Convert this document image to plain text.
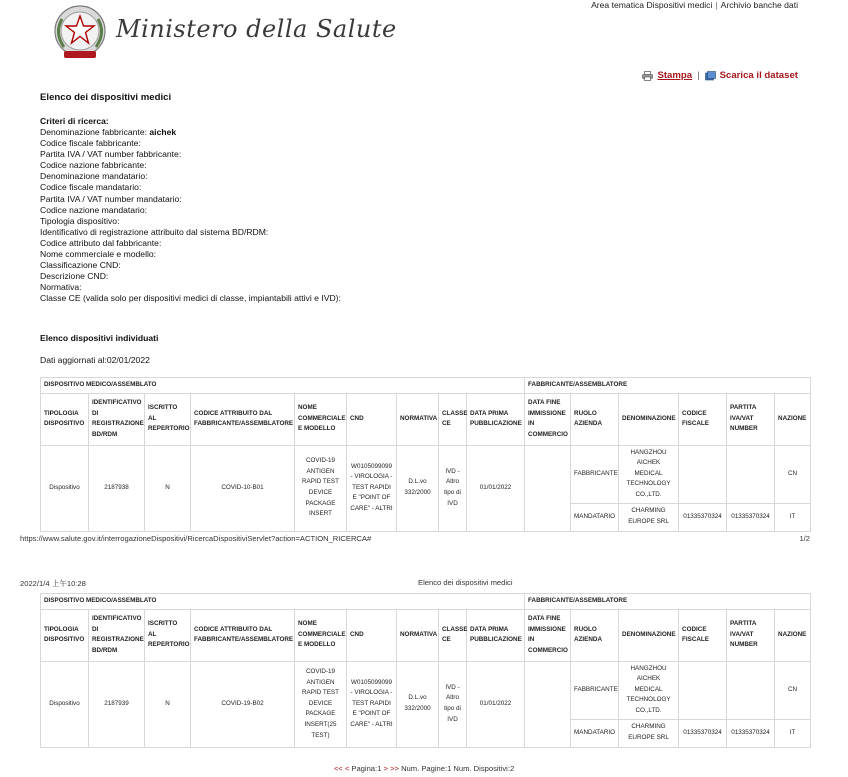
Ministero della Salute
Area tematica Dispositivi medici | Archivio banche dati
Stampa |	Scarica il dataset
Elenco dei dispositivi medici
Criteri di ricerca:
Denominazione fabbricante: aichek
Codice fiscale fabbricante:
Partita IVA / VAT number fabbricante:
Codice nazione fabbricante:
Denominazione mandatario:
Codice fiscale mandatario:
Partita IVA / VAT number mandatario:
Codice nazione mandatario:
Tipologia dispositivo:
Identificativo di registrazione attribuito dal sistema BD/RDM:
Codice attributo dal fabbricante:
Nome commerciale e modello:
Classificazione CND:
Descrizione CND:
Normativa:
Classe CE (valida solo per dispositivi medici di classe, impiantabili attivi e IVD):
Elenco dispositivi individuati
Dati aggiornati al:02/01/2022
DISPOSITIVO MEDICO/ASSEMBLATO									FABBRICANTE/ASSEMBLATORE					
TIPOLOGIA DISPOSITIVO	IDENTIFICATIVO DI REGISTRAZIONE BD/RDM	ISCRITTO AL REPERTORIO	CODICE ATTRIBUITO DAL FABBRICANTE/ASSEMBLATORE	NOME COMMERCIALE E MODELLO	CND	NORMATIVA	CLASSE CE	DATA PRIMA PUBBLICAZIONE	DATA FINE IMMISSIONE IN COMMERCIO	RUOLO AZIENDA	DENOMINAZIONE	CODICE FISCALE	PARTITA IVA/VAT NUMBER	NAZIONE
Dispositivo	2187938	N	COVID-10-B01	COVID-19 ANTIGEN RAPID TEST DEVICE PACKAGE INSERT	W0105099099 - VIROLOGIA - TEST RAPIDI E "POINT OF CARE" - ALTRI	D.L.vo 332/2000	IVD - Altro tipo di IVD	01/01/2022		FABBRICANTE	HANGZHOU AICHEK MEDICAL TECHNOLOGY CO.,LTD.			CN
										MANDATARIO	CHARMING EUROPE SRL	01335370324	01335370324	IT
https://www.salute.gov.it/interrogazioneDispositivi/RicercaDispositiviServlet?action=ACTION_RICERCA#	1/2
2022/1/4 上午10:28	Elenco dei dispositivi medici
DISPOSITIVO MEDICO/ASSEMBLATO									FABBRICANTE/ASSEMBLATORE					
TIPOLOGIA DISPOSITIVO	IDENTIFICATIVO DI REGISTRAZIONE BD/RDM	ISCRITTO AL REPERTORIO	CODICE ATTRIBUITO DAL FABBRICANTE/ASSEMBLATORE	NOME COMMERCIALE E MODELLO	CND	NORMATIVA	CLASSE CE	DATA PRIMA PUBBLICAZIONE	DATA FINE IMMISSIONE IN COMMERCIO	RUOLO AZIENDA	DENOMINAZIONE	CODICE FISCALE	PARTITA IVA/VAT NUMBER	NAZIONE
Dispositivo	2187939	N	COVID-19-B02	COVID-19 ANTIGEN RAPID TEST DEVICE PACKAGE INSERT(25 TEST)	W0105099099 - VIROLOGIA - TEST RAPIDI E "POINT OF CARE" - ALTRI	D.L.vo 332/2000	IVD - Altro tipo di IVD	01/01/2022		FABBRICANTE	HANGZHOU AICHEK MEDICAL TECHNOLOGY CO.,LTD.			CN
										MANDATARIO	CHARMING EUROPE SRL	01335370324	01335370324	IT
<< < Pagina:1 > >> Num. Pagine:1 Num. Dispositivi:2
